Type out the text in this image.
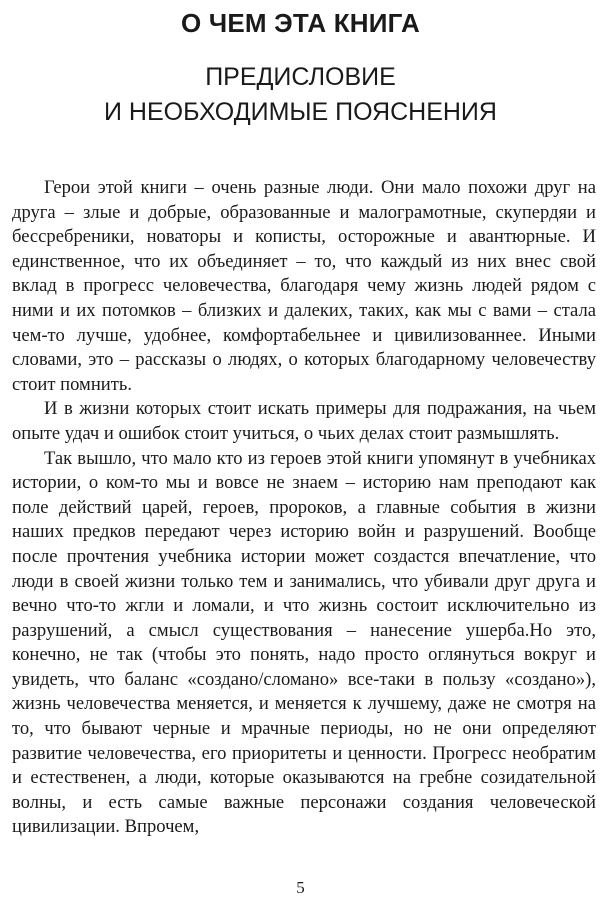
О ЧЕМ ЭТА КНИГА
ПРЕДИСЛОВИЕ
И НЕОБХОДИМЫЕ ПОЯСНЕНИЯ

Герои этой книги – очень разные люди. Они мало похожи друг на друга – злые и добрые, образованные и малограмотные, скупердяи и бессребреники, новаторы и кописты, осторожные и авантюрные. И единственное, что их объединяет – то, что каждый из них внес свой вклад в прогресс человечества, благодаря чему жизнь людей рядом с ними и их потомков – близких и далеких, таких, как мы с вами – стала чем-то лучше, удобнее, комфортабельнее и цивилизованнее. Иными словами, это – рассказы о людях, о которых благодарному человечеству стоит помнить.

И в жизни которых стоит искать примеры для подражания, на чьем опыте удач и ошибок стоит учиться, о чьих делах стоит размышлять.

Так вышло, что мало кто из героев этой книги упомянут в учебниках истории, о ком-то мы и вовсе не знаем – историю нам преподают как поле действий царей, героев, пророков, а главные события в жизни наших предков передают через историю войн и разрушений. Вообще после прочтения учебника истории может создастся впечатление, что люди в своей жизни только тем и занимались, что убивали друг друга и вечно что-то жгли и ломали, и что жизнь состоит исключительно из разрушений, а смысл существования – нанесение ушерба.Но это, конечно, не так (чтобы это понять, надо просто оглянуться вокруг и увидеть, что баланс «создано/сломано» все-таки в пользу «создано»), жизнь человечества меняется, и меняется к лучшему, даже не смотря на то, что бывают черные и мрачные периоды, но не они определяют развитие человечества, его приоритеты и ценности. Прогресс необратим и естественен, а люди, которые оказываются на гребне созидательной волны, и есть самые важные персонажи создания человеческой цивилизации. Впрочем,

5
